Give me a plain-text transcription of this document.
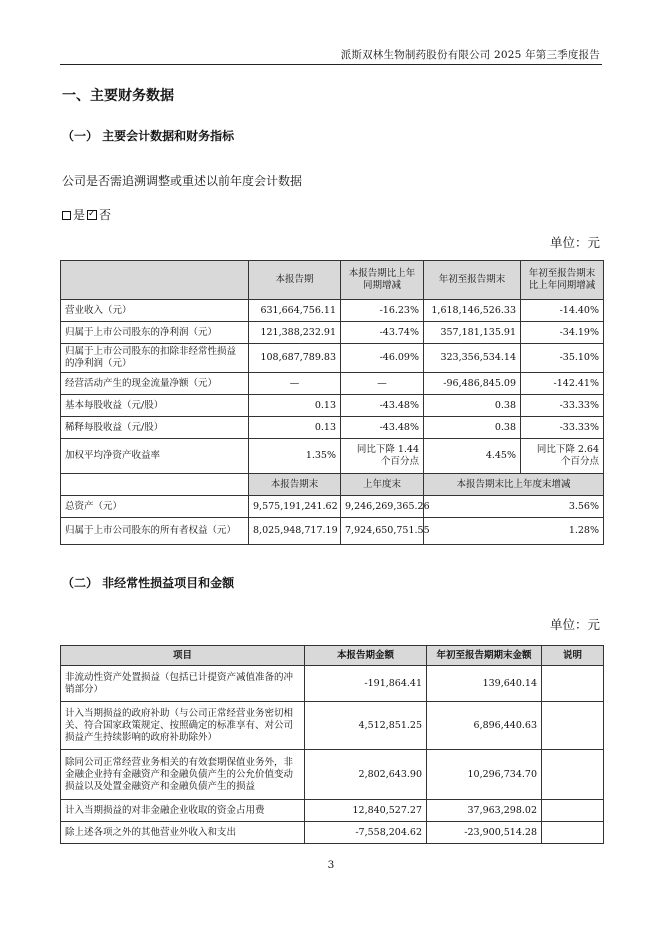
派斯双林生物制药股份有限公司 2025 年第三季度报告
一、主要财务数据
（一） 主要会计数据和财务指标
公司是否需追溯调整或重述以前年度会计数据
是 ✓ 否
单位：元
	本报告期	本报告期比上年同期增减	年初至报告期末	年初至报告期末比上年同期增减
营业收入（元）	631,664,756.11	-16.23%	1,618,146,526.33	-14.40%
归属于上市公司股东的净利润（元）	121,388,232.91	-43.74%	357,181,135.91	-34.19%
归属于上市公司股东的扣除非经常性损益的净利润（元）	108,687,789.83	-46.09%	323,356,534.14	-35.10%
经营活动产生的现金流量净额（元）	—	—	-96,486,845.09	-142.41%
基本每股收益（元/股）	0.13	-43.48%	0.38	-33.33%
稀释每股收益（元/股）	0.13	-43.48%	0.38	-33.33%
加权平均净资产收益率	1.35%	同比下降 1.44 个百分点	4.45%	同比下降 2.64 个百分点
	本报告期末	上年度末	本报告期末比上年度末增减	
总资产（元）	9,575,191,241.62	9,246,269,365.26	3.56%	
归属于上市公司股东的所有者权益（元）	8,025,948,717.19	7,924,650,751.55	1.28%	
（二） 非经常性损益项目和金额
单位：元
项目	本报告期金额	年初至报告期期末金额	说明
非流动性资产处置损益（包括已计提资产减值准备的冲销部分）	-191,864.41	139,640.14	
计入当期损益的政府补助（与公司正常经营业务密切相关、符合国家政策规定、按照确定的标准享有、对公司损益产生持续影响的政府补助除外）	4,512,851.25	6,896,440.63	
除同公司正常经营业务相关的有效套期保值业务外，非金融企业持有金融资产和金融负债产生的公允价值变动损益以及处置金融资产和金融负债产生的损益	2,802,643.90	10,296,734.70	
计入当期损益的对非金融企业收取的资金占用费	12,840,527.27	37,963,298.02	
除上述各项之外的其他营业外收入和支出	-7,558,204.62	-23,900,514.28	
3
